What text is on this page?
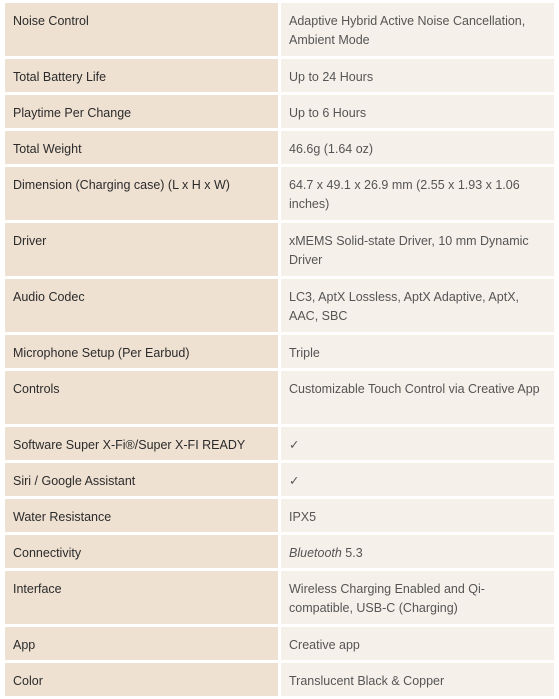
Noise Control	Adaptive Hybrid Active Noise Cancellation, Ambient Mode
Total Battery Life	Up to 24 Hours
Playtime Per Change	Up to 6 Hours
Total Weight	46.6g (1.64 oz)
Dimension (Charging case) (L x H x W)	64.7 x 49.1 x 26.9 mm (2.55 x 1.93 x 1.06 inches)
Driver	xMEMS Solid-state Driver, 10 mm Dynamic Driver
Audio Codec	LC3, AptX Lossless, AptX Adaptive, AptX, AAC, SBC
Microphone Setup (Per Earbud)	Triple
Controls	Customizable Touch Control via Creative App
Software Super X-Fi®/Super X-FI READY	✓
Siri / Google Assistant	✓
Water Resistance	IPX5
Connectivity	Bluetooth 5.3
Interface	Wireless Charging Enabled and Qi-compatible, USB-C (Charging)
App	Creative app
Color	Translucent Black & Copper
